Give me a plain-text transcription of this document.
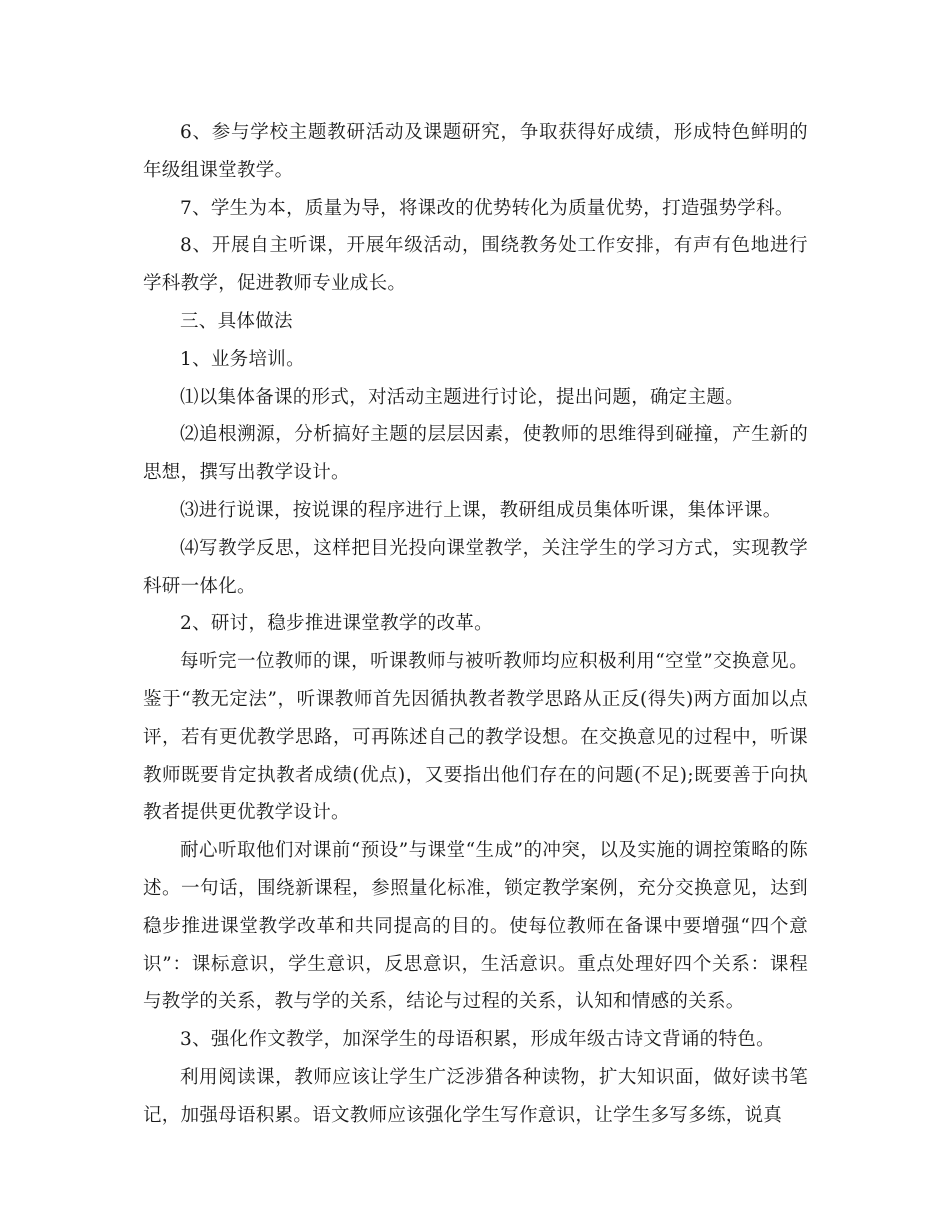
6、参与学校主题教研活动及课题研究，争取获得好成绩，形成特色鲜明的年级组课堂教学。

7、学生为本，质量为导，将课改的优势转化为质量优势，打造强势学科。

8、开展自主听课，开展年级活动，围绕教务处工作安排，有声有色地进行学科教学，促进教师专业成长。

三、具体做法

1、业务培训。

⑴以集体备课的形式，对活动主题进行讨论，提出问题，确定主题。

⑵追根溯源，分析搞好主题的层层因素，使教师的思维得到碰撞，产生新的思想，撰写出教学设计。

⑶进行说课，按说课的程序进行上课，教研组成员集体听课，集体评课。

⑷写教学反思，这样把目光投向课堂教学，关注学生的学习方式，实现教学科研一体化。

2、研讨，稳步推进课堂教学的改革。

每听完一位教师的课，听课教师与被听教师均应积极利用“空堂”交换意见。鉴于“教无定法”，听课教师首先因循执教者教学思路从正反(得失)两方面加以点评，若有更优教学思路，可再陈述自己的教学设想。在交换意见的过程中，听课教师既要肯定执教者成绩(优点)，又要指出他们存在的问题(不足);既要善于向执教者提供更优教学设计。

耐心听取他们对课前“预设”与课堂“生成”的冲突，以及实施的调控策略的陈述。一句话，围绕新课程，参照量化标准，锁定教学案例，充分交换意见，达到稳步推进课堂教学改革和共同提高的目的。使每位教师在备课中要增强“四个意识”：课标意识，学生意识，反思意识，生活意识。重点处理好四个关系：课程与教学的关系，教与学的关系，结论与过程的关系，认知和情感的关系。

3、强化作文教学，加深学生的母语积累，形成年级古诗文背诵的特色。

利用阅读课，教师应该让学生广泛涉猎各种读物，扩大知识面，做好读书笔记，加强母语积累。语文教师应该强化学生写作意识，让学生多写多练，说真
